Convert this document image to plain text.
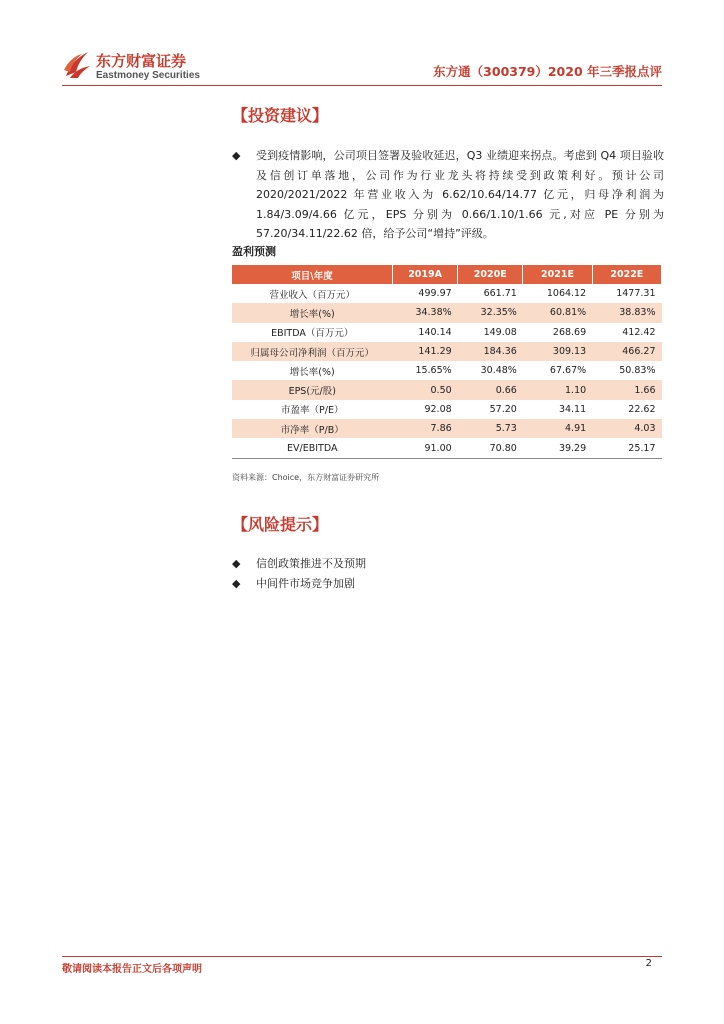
东方财富证券
Eastmoney Securities	东方通（300379）2020 年三季报点评
【投资建议】
◆ 受到疫情影响，公司项目签署及验收延迟，Q3 业绩迎来拐点。考虑到 Q4 项目验收及信创订单落地，公司作为行业龙头将持续受到政策利好。预计公司 2020/2021/2022 年营业收入为 6.62/10.64/14.77 亿元，归母净利润为 1.84/3.09/4.66 亿元，EPS 分别为 0.66/1.10/1.66 元,对应 PE 分别为 57.20/34.11/22.62 倍，给予公司“增持”评级。
盈利预测
项目\年度	2019A	2020E	2021E	2022E
营业收入（百万元）	499.97	661.71	1064.12	1477.31
增长率(%)	34.38%	32.35%	60.81%	38.83%
EBITDA（百万元）	140.14	149.08	268.69	412.42
归属母公司净利润（百万元）	141.29	184.36	309.13	466.27
增长率(%)	15.65%	30.48%	67.67%	50.83%
EPS(元/股)	0.50	0.66	1.10	1.66
市盈率（P/E）	92.08	57.20	34.11	22.62
市净率（P/B）	7.86	5.73	4.91	4.03
EV/EBITDA	91.00	70.80	39.29	25.17
资料来源：Choice，东方财富证券研究所
【风险提示】
◆ 信创政策推进不及预期
◆ 中间件市场竞争加剧
敬请阅读本报告正文后各项声明
2
